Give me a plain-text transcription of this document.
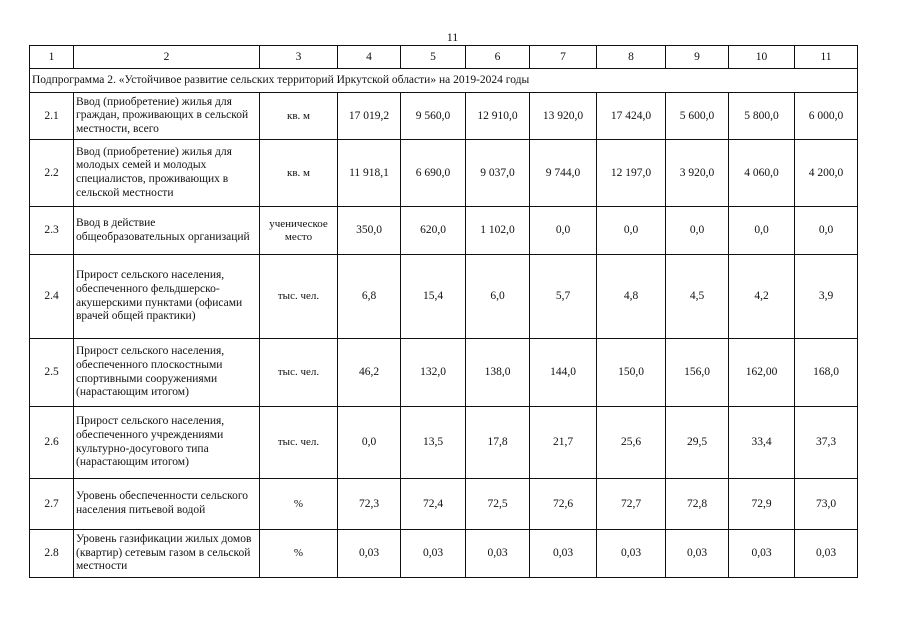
11
1	2	3	4	5	6	7	8	9	10	11
Подпрограмма 2. «Устойчивое развитие сельских территорий Иркутской области» на 2019-2024 годы										
2.1	Ввод (приобретение) жилья для граждан, проживающих в сельской местности, всего	кв. м	17 019,2	9 560,0	12 910,0	13 920,0	17 424,0	5 600,0	5 800,0	6 000,0
2.2	Ввод (приобретение) жилья для молодых семей и молодых специалистов, проживающих в сельской местности	кв. м	11 918,1	6 690,0	9 037,0	9 744,0	12 197,0	3 920,0	4 060,0	4 200,0
2.3	Ввод в действие общеобразовательных организаций	ученическое место	350,0	620,0	1 102,0	0,0	0,0	0,0	0,0	0,0
2.4	Прирост сельского населения, обеспеченного фельдшерско-акушерскими пунктами (офисами врачей общей практики)	тыс. чел.	6,8	15,4	6,0	5,7	4,8	4,5	4,2	3,9
2.5	Прирост сельского населения, обеспеченного плоскостными спортивными сооружениями (нарастающим итогом)	тыс. чел.	46,2	132,0	138,0	144,0	150,0	156,0	162,00	168,0
2.6	Прирост сельского населения, обеспеченного учреждениями культурно-досугового типа (нарастающим итогом)	тыс. чел.	0,0	13,5	17,8	21,7	25,6	29,5	33,4	37,3
2.7	Уровень обеспеченности сельского населения питьевой водой	%	72,3	72,4	72,5	72,6	72,7	72,8	72,9	73,0
2.8	Уровень газификации жилых домов (квартир) сетевым газом в сельской местности	%	0,03	0,03	0,03	0,03	0,03	0,03	0,03	0,03
